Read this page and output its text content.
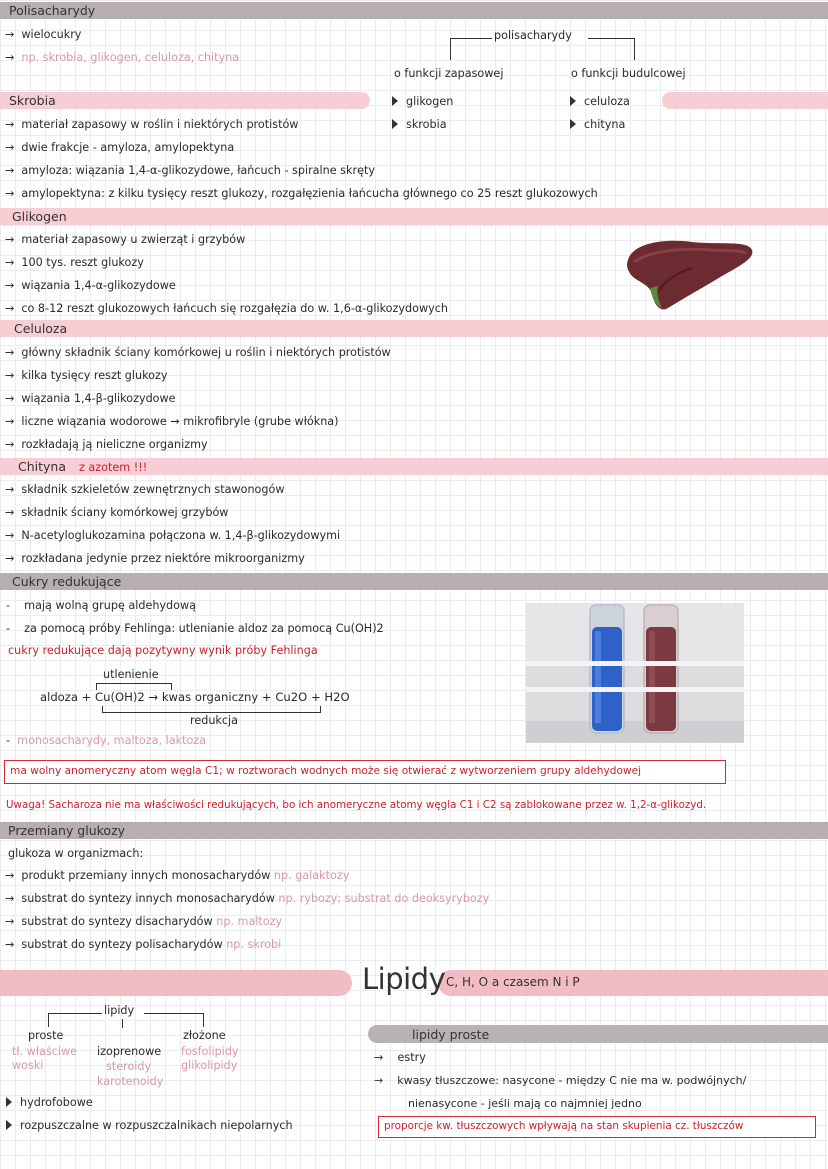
Polisacharydy
→ wielocukry
→ np. skrobia, glikogen, celuloza, chityna
polisacharydy
o funkcji zapasowej	o funkcji budulcowej
glikogen
skrobia
celuloza
chityna
Skrobia
→ materiał zapasowy w roślin i niektórych protistów
→ dwie frakcje - amyloza, amylopektyna
→ amyloza: wiązania 1,4-α-glikozydowe, łańcuch - spiralne skręty
→ amylopektyna: z kilku tysięcy reszt glukozy, rozgałęzienia łańcucha głównego co 25 reszt glukozowych
Glikogen
→ materiał zapasowy u zwierząt i grzybów
→ 100 tys. reszt glukozy
→ wiązania 1,4-α-glikozydowe
→ co 8-12 reszt glukozowych łańcuch się rozgałęzia do w. 1,6-α-glikozydowych
Celuloza
→ główny składnik ściany komórkowej u roślin i niektórych protistów
→ kilka tysięcy reszt glukozy
→ wiązania 1,4-β-glikozydowe
→ liczne wiązania wodorowe → mikrofibryle (grube włókna)
→ rozkładają ją nieliczne organizmy
Chityna z azotem !!!
→ składnik szkieletów zewnętrznych stawonogów
→ składnik ściany komórkowej grzybów
→ N-acetyloglukozamina połączona w. 1,4-β-glikozydowymi
→ rozkładana jedynie przez niektóre mikroorganizmy
Cukry redukujące
- mają wolną grupę aldehydową
- za pomocą próby Fehlinga: utlenianie aldoz za pomocą Cu(OH)2
cukry redukujące dają pozytywny wynik próby Fehlinga
utlenienie
aldoza + Cu(OH)2 → kwas organiczny + Cu2O + H2O
redukcja
- monosacharydy, maltoza, laktoza
ma wolny anomeryczny atom węgla C1; w roztworach wodnych może się otwierać z wytworzeniem grupy aldehydowej
Uwaga! Sacharoza nie ma właściwości redukujących, bo ich anomeryczne atomy węgla C1 i C2 są zablokowane przez w. 1,2-α-glikozyd.
Przemiany glukozy
glukoza w organizmach:
→ produkt przemiany innych monosacharydów np. galaktozy
→ substrat do syntezy innych monosacharydów np. rybozy; substrat do deoksyrybozy
→ substrat do syntezy disacharydów np. maltozy
→ substrat do syntezy polisacharydów np. skrobi
Lipidy C, H, O a czasem N i P
lipidy
proste
izoprenowe
złożone
tł. właściwe
woski	steroidy
karotenoidy
fosfolipidy
glikolipidy
hydrofobowe
rozpuszczalne w rozpuszczalnikach niepolarnych
lipidy proste
→ estry
→ kwasy tłuszczowe: nasycone - między C nie ma w. podwójnych/
nienasycone - jeśli mają co najmniej jedno
proporcje kw. tłuszczowych wpływają na stan skupienia cz. tłuszczów
